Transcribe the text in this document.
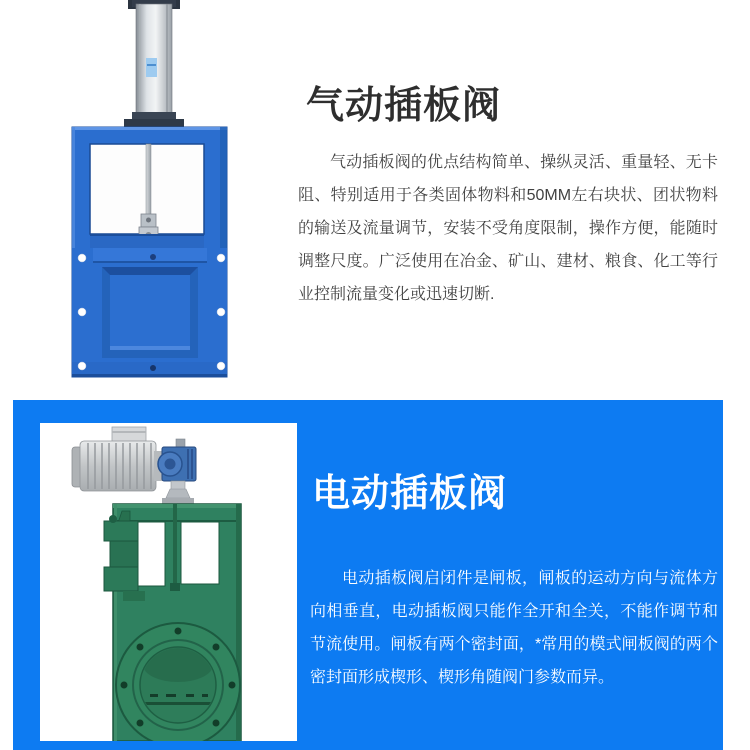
气动插板阀

气动插板阀的优点结构简单、操纵灵活、重量轻、无卡阻、特别适用于各类固体物料和50MM左右块状、团状物料的输送及流量调节，安装不受角度限制，操作方便，能随时调整尺度。广泛使用在冶金、矿山、建材、粮食、化工等行业控制流量变化或迅速切断.

电动插板阀

电动插板阀启闭件是闸板，闸板的运动方向与流体方向相垂直，电动插板阀只能作全开和全关，不能作调节和节流使用。闸板有两个密封面，*常用的模式闸板阀的两个密封面形成楔形、楔形角随阀门参数而异。
